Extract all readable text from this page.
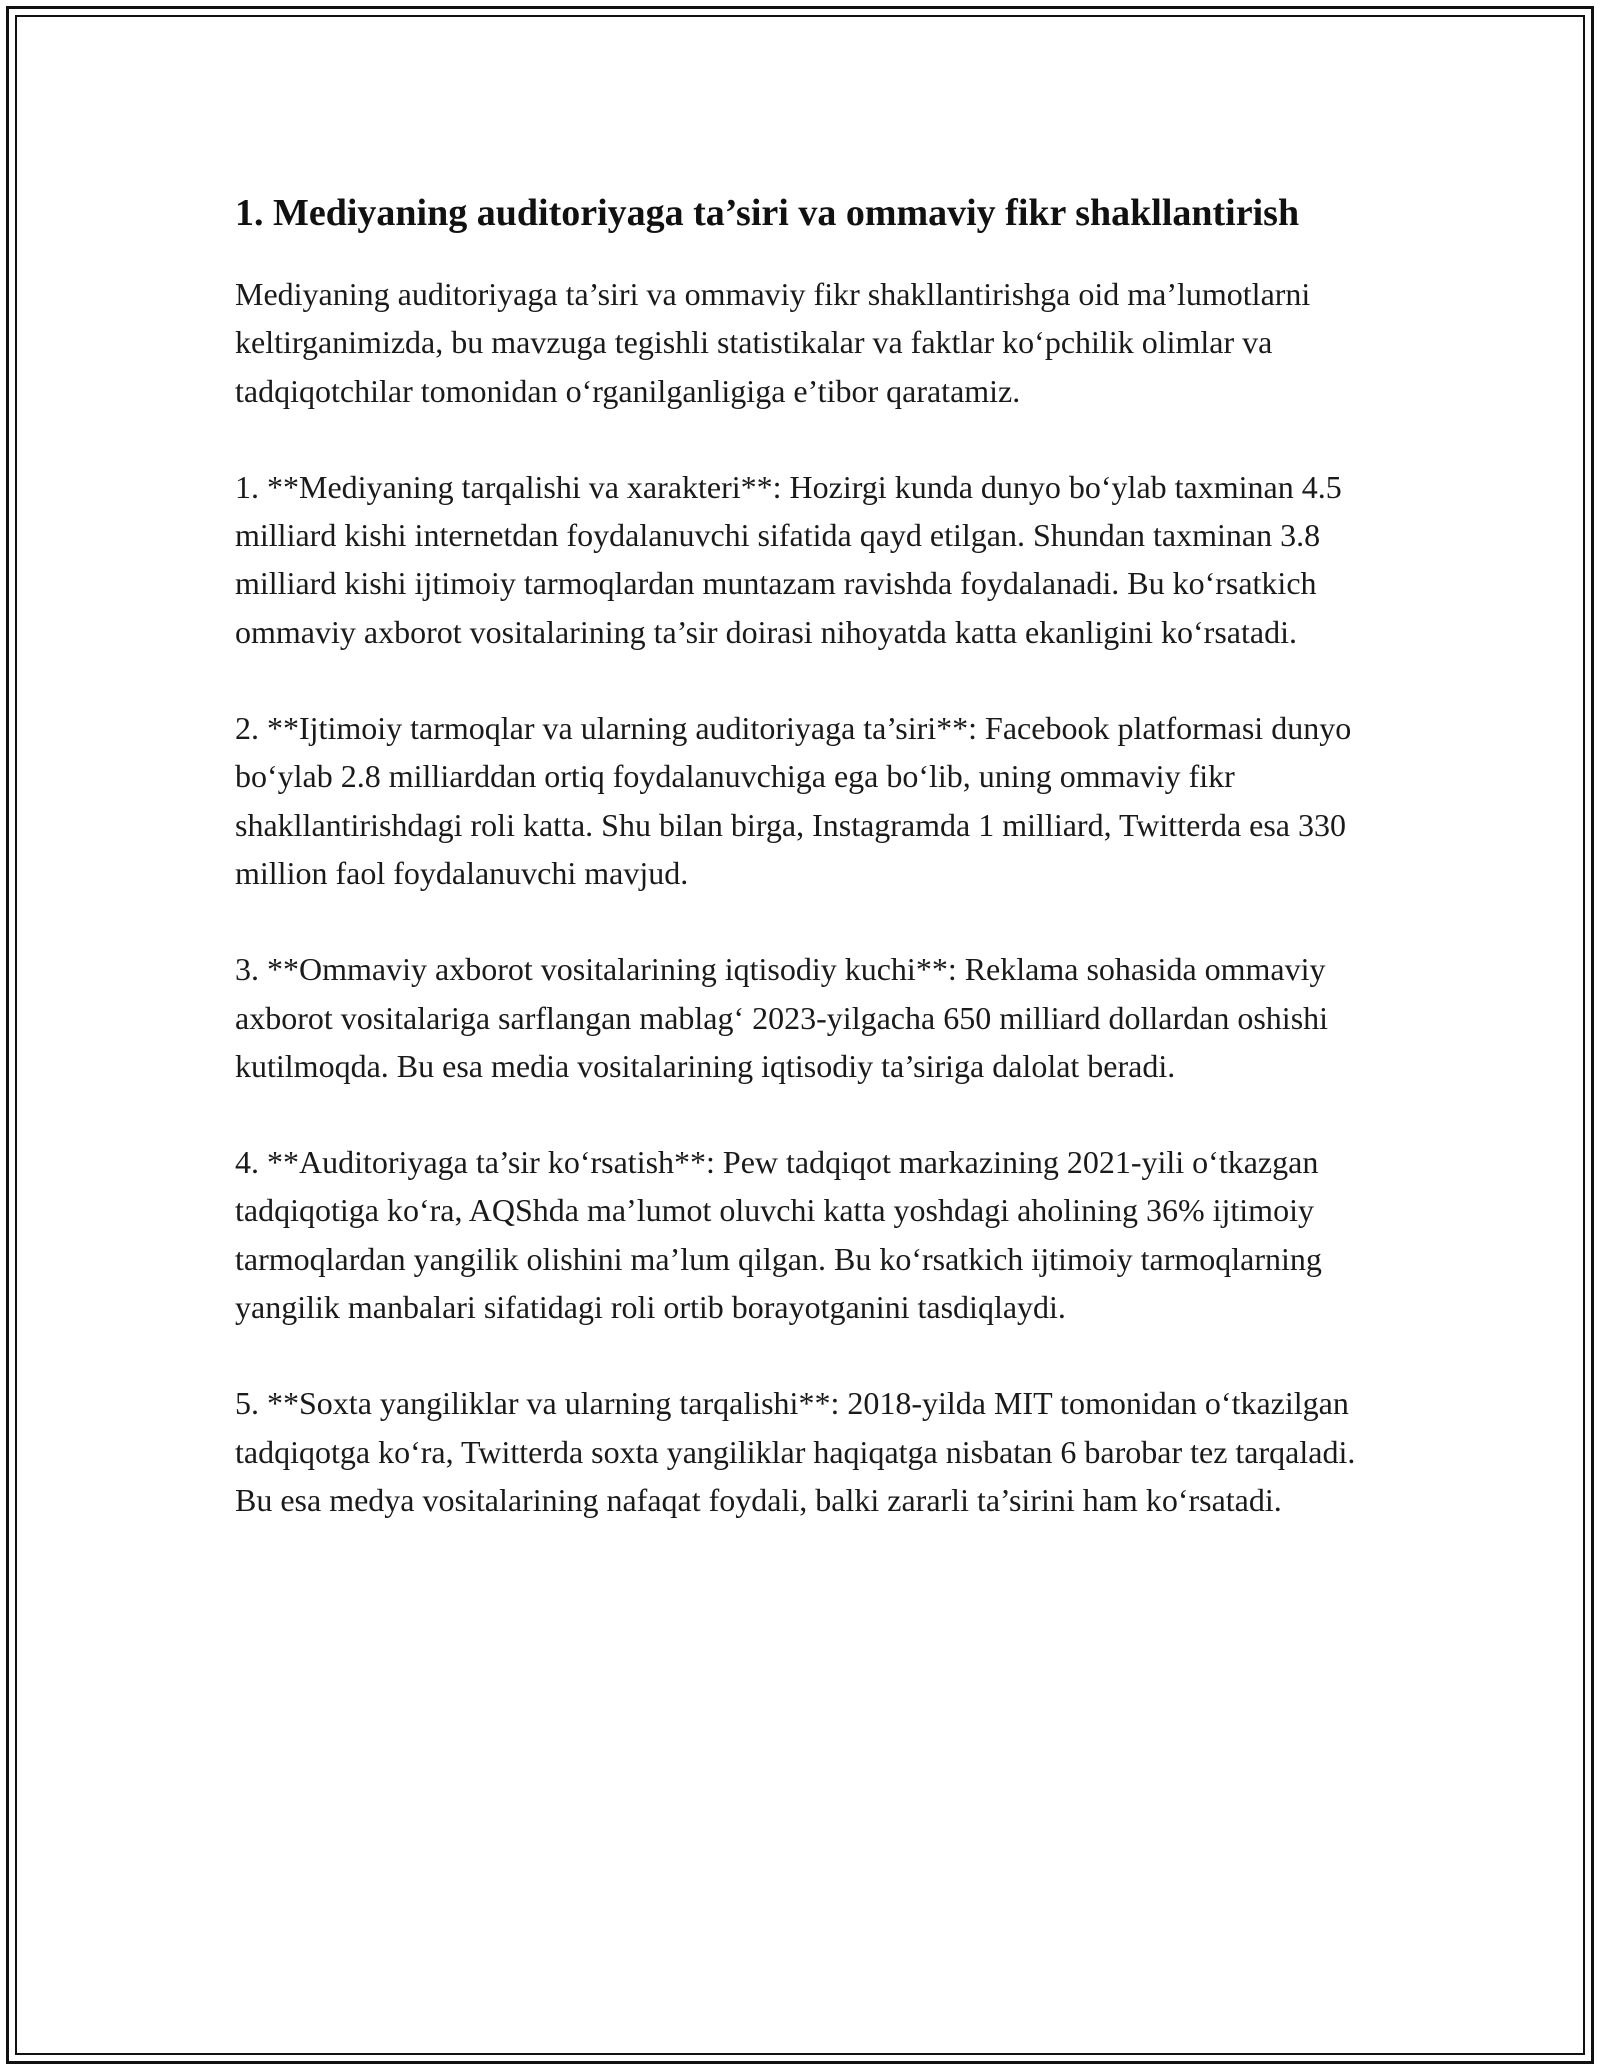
1. Mediyaning auditoriyaga ta’siri va ommaviy fikr shakllantirish

Mediyaning auditoriyaga ta’siri va ommaviy fikr shakllantirishga oid ma’lumotlarni keltirganimizda, bu mavzuga tegishli statistikalar va faktlar ko‘pchilik olimlar va tadqiqotchilar tomonidan o‘rganilganligiga e’tibor qaratamiz.

1. **Mediyaning tarqalishi va xarakteri**: Hozirgi kunda dunyo bo‘ylab taxminan 4.5 milliard kishi internetdan foydalanuvchi sifatida qayd etilgan. Shundan taxminan 3.8 milliard kishi ijtimoiy tarmoqlardan muntazam ravishda foydalanadi. Bu ko‘rsatkich ommaviy axborot vositalarining ta’sir doirasi nihoyatda katta ekanligini ko‘rsatadi.

2. **Ijtimoiy tarmoqlar va ularning auditoriyaga ta’siri**: Facebook platformasi dunyo bo‘ylab 2.8 milliarddan ortiq foydalanuvchiga ega bo‘lib, uning ommaviy fikr shakllantirishdagi roli katta. Shu bilan birga, Instagramda 1 milliard, Twitterda esa 330 million faol foydalanuvchi mavjud.

3. **Ommaviy axborot vositalarining iqtisodiy kuchi**: Reklama sohasida ommaviy axborot vositalariga sarflangan mablag‘ 2023-yilgacha 650 milliard dollardan oshishi kutilmoqda. Bu esa media vositalarining iqtisodiy ta’siriga dalolat beradi.

4. **Auditoriyaga ta’sir ko‘rsatish**: Pew tadqiqot markazining 2021-yili o‘tkazgan tadqiqotiga ko‘ra, AQShda ma’lumot oluvchi katta yoshdagi aholining 36% ijtimoiy tarmoqlardan yangilik olishini ma’lum qilgan. Bu ko‘rsatkich ijtimoiy tarmoqlarning yangilik manbalari sifatidagi roli ortib borayotganini tasdiqlaydi.

5. **Soxta yangiliklar va ularning tarqalishi**: 2018-yilda MIT tomonidan o‘tkazilgan tadqiqotga ko‘ra, Twitterda soxta yangiliklar haqiqatga nisbatan 6 barobar tez tarqaladi. Bu esa medya vositalarining nafaqat foydali, balki zararli ta’sirini ham ko‘rsatadi.
